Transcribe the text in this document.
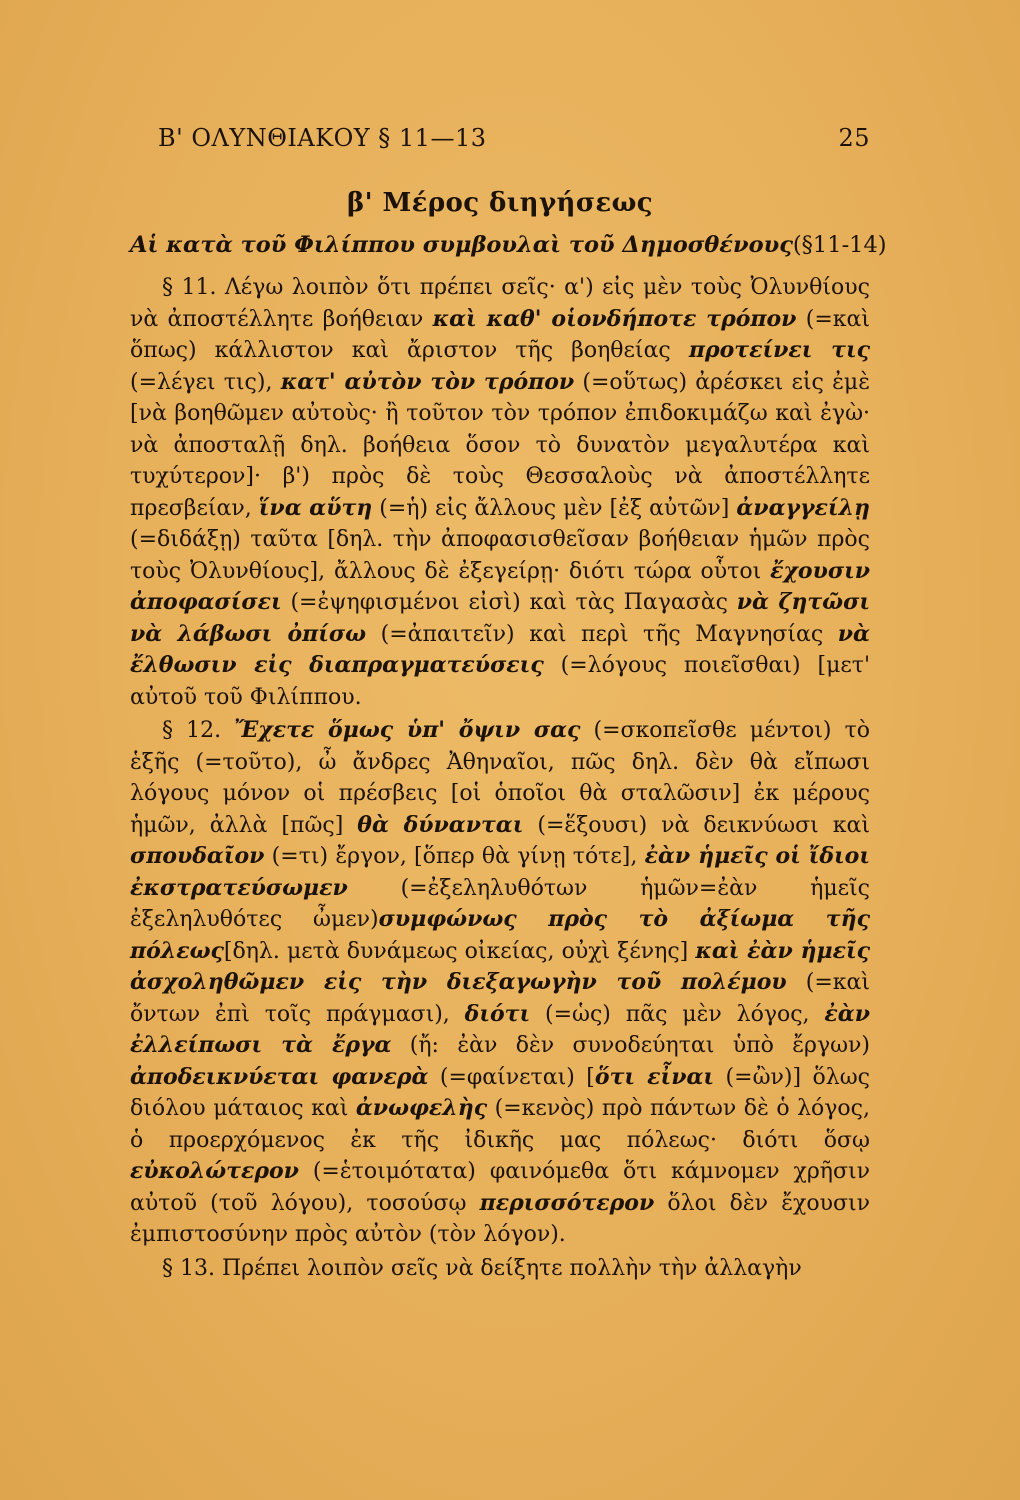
Β' ΟΛΥΝΘΙΑΚΟΥ § 11—13	25
β' Μέρος διηγήσεως
Αἱ κατὰ τοῦ Φιλίππου συμβουλαὶ τοῦ Δημοσθένους(§11-14)

§ 11. Λέγω λοιπὸν ὅτι πρέπει σεῖς· α') εἰς μὲν τοὺς Ὀλυνθίους νὰ ἀποστέλλητε βοήθειαν καὶ καθ' οἱονδήποτε τρόπον (=καὶ ὅπως) κάλλιστον καὶ ἄριστον τῆς βοηθείας προτείνει τις (=λέγει τις), κατ' αὐτὸν τὸν τρόπον (=οὕτως) ἀρέσκει εἰς ἐμὲ [νὰ βοηθῶμεν αὐτοὺς· ἢ τοῦτον τὸν τρόπον ἐπιδοκιμάζω καὶ ἐγὼ· νὰ ἀποσταλῇ δηλ. βοήθεια ὅσον τὸ δυνατὸν μεγαλυτέρα καὶ τυχύτερον]· β') πρὸς δὲ τοὺς Θεσσαλοὺς νὰ ἀποστέλλητε πρεσβείαν, ἵνα αὕτη (=ἡ) εἰς ἄλλους μὲν [ἐξ αὐτῶν] ἀναγγείλῃ (=διδάξῃ) ταῦτα [δηλ. τὴν ἀποφασισθεῖσαν βοήθειαν ἡμῶν πρὸς τοὺς Ὀλυνθίους], ἄλλους δὲ ἐξεγείρῃ· διότι τώρα οὗτοι ἔχουσιν ἀποφασίσει (=ἐψηφισμένοι εἰσὶ) καὶ τὰς Παγασὰς νὰ ζητῶσι νὰ λάβωσι ὀπίσω (=ἀπαιτεῖν) καὶ περὶ τῆς Μαγνησίας νὰ ἔλθωσιν εἰς διαπραγματεύσεις (=λόγους ποιεῖσθαι) [μετ' αὐτοῦ τοῦ Φιλίππου.

§ 12. Ἔχετε ὅμως ὑπ' ὄψιν σας (=σκοπεῖσθε μέντοι) τὸ ἑξῆς (=τοῦτο), ὦ ἄνδρες Ἀθηναῖοι, πῶς δηλ. δὲν θὰ εἴπωσι λόγους μόνον οἱ πρέσβεις [οἱ ὁποῖοι θὰ σταλῶσιν] ἐκ μέρους ἡμῶν, ἀλλὰ [πῶς] θὰ δύνανται (=ἕξουσι) νὰ δεικνύωσι καὶ σπουδαῖον (=τι) ἔργον, [ὅπερ θὰ γίνῃ τότε], ἐὰν ἡμεῖς οἱ ἴδιοι ἐκστρατεύσωμεν (=ἐξεληλυθότων ἡμῶν=ἐὰν ἡμεῖς ἐξεληλυθότες ὦμεν)συμφώνως πρὸς τὸ ἀξίωμα τῆς πόλεως[δηλ. μετὰ δυνάμεως οἰκείας, οὐχὶ ξένης] καὶ ἐὰν ἡμεῖς ἀσχοληθῶμεν εἰς τὴν διεξαγωγὴν τοῦ πολέμου (=καὶ ὄντων ἐπὶ τοῖς πράγμασι), διότι (=ὡς) πᾶς μὲν λόγος, ἐὰν ἐλλείπωσι τὰ ἔργα (ἤ: ἐὰν δὲν συνοδεύηται ὑπὸ ἔργων) ἀποδεικνύεται φανερὰ (=φαίνεται) [ὅτι εἶναι (=ὢν)] ὅλως διόλου μάταιος καὶ ἀνωφελὴς (=κενὸς) πρὸ πάντων δὲ ὁ λόγος, ὁ προερχόμενος ἐκ τῆς ἰδικῆς μας πόλεως· διότι ὅσῳ εὐκολώτερον (=ἑτοιμότατα) φαινόμεθα ὅτι κάμνομεν χρῆσιν αὐτοῦ (τοῦ λόγου), τοσούσῳ περισσότερον ὅλοι δὲν ἔχουσιν ἐμπιστοσύνην πρὸς αὐτὸν (τὸν λόγον).

§ 13. Πρέπει λοιπὸν σεῖς νὰ δείξητε πολλὴν τὴν ἀλλαγὴν
